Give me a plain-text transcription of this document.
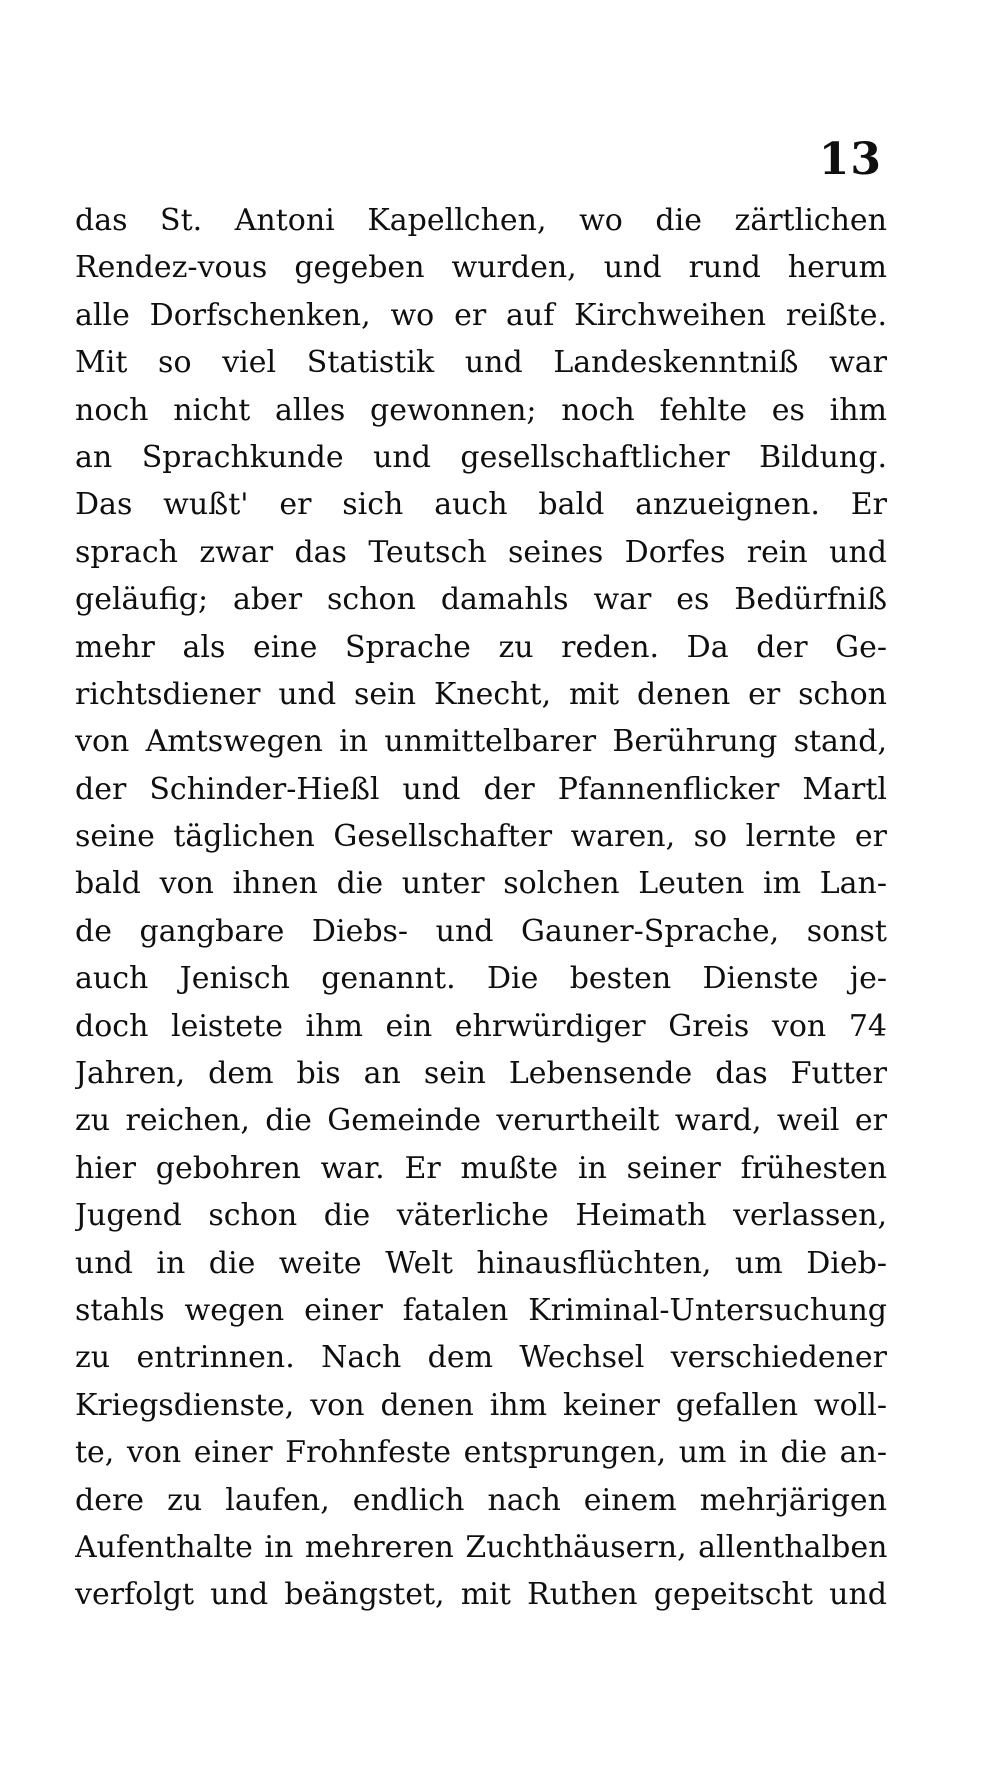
13
das St. Antoni Kapellchen, wo die zärtlichen
Rendez-vous gegeben wurden, und rund herum
alle Dorfschenken, wo er auf Kirchweihen reißte.
Mit so viel Statistik und Landeskenntniß war
noch nicht alles gewonnen; noch fehlte es ihm
an Sprachkunde und gesellschaftlicher Bildung.
Das wußt' er sich auch bald anzueignen. Er
sprach zwar das Teutsch seines Dorfes rein und
geläufig; aber schon damahls war es Bedürfniß
mehr als eine Sprache zu reden. Da der Ge-
richtsdiener und sein Knecht, mit denen er schon
von Amtswegen in unmittelbarer Berührung stand,
der Schinder-Hießl und der Pfannenflicker Martl
seine täglichen Gesellschafter waren, so lernte er
bald von ihnen die unter solchen Leuten im Lan-
de gangbare Diebs- und Gauner-Sprache, sonst
auch Jenisch genannt. Die besten Dienste je-
doch leistete ihm ein ehrwürdiger Greis von 74
Jahren, dem bis an sein Lebensende das Futter
zu reichen, die Gemeinde verurtheilt ward, weil er
hier gebohren war. Er mußte in seiner frühesten
Jugend schon die väterliche Heimath verlassen,
und in die weite Welt hinausflüchten, um Dieb-
stahls wegen einer fatalen Kriminal-Untersuchung
zu entrinnen. Nach dem Wechsel verschiedener
Kriegsdienste, von denen ihm keiner gefallen woll-
te, von einer Frohnfeste entsprungen, um in die an-
dere zu laufen, endlich nach einem mehrjärigen
Aufenthalte in mehreren Zuchthäusern, allenthalben
verfolgt und beängstet, mit Ruthen gepeitscht und
